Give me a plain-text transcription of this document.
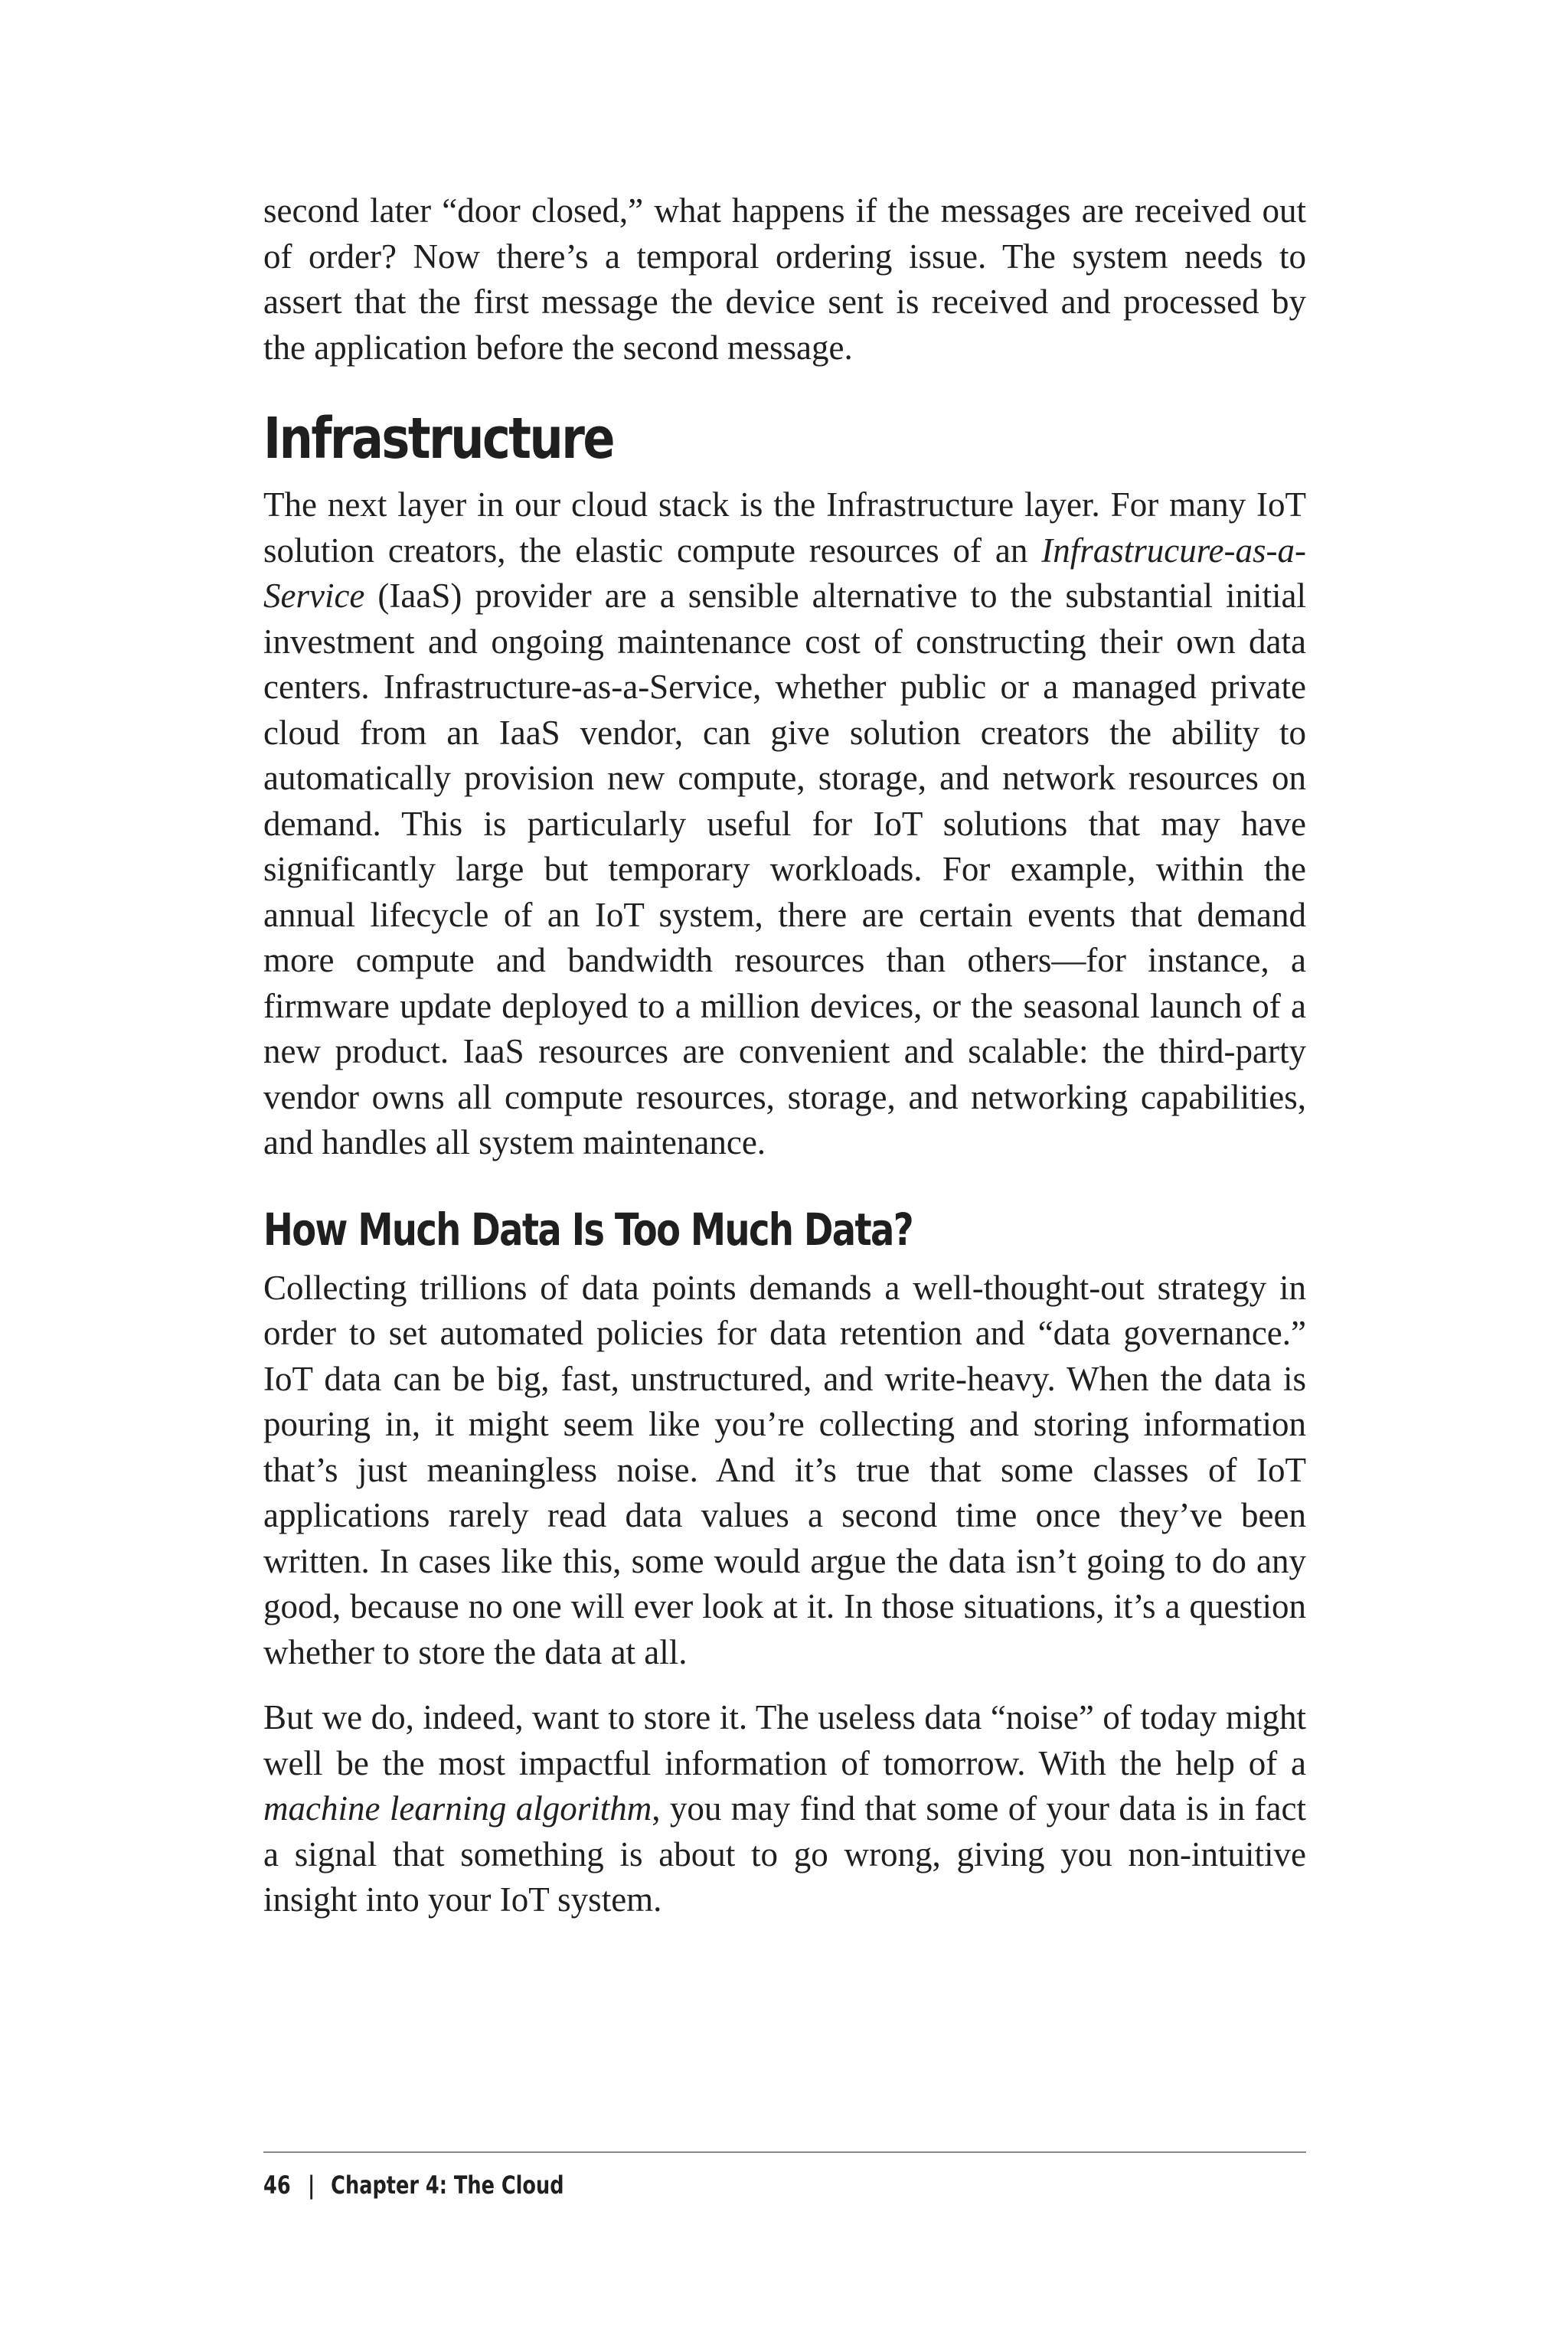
second later “door closed,” what happens if the messages are received out of order? Now there’s a temporal ordering issue. The system needs to assert that the first message the device sent is received and processed by the application before the second message.

Infrastructure

The next layer in our cloud stack is the Infrastructure layer. For many IoT solution creators, the elastic compute resources of an Infrastrucure-as-a-Service (IaaS) provider are a sensible alternative to the substantial initial investment and ongoing maintenance cost of constructing their own data centers. Infrastructure-as-a-Service, whether public or a managed private cloud from an IaaS vendor, can give solution creators the ability to automatically provision new compute, storage, and network resources on demand. This is particularly useful for IoT solutions that may have significantly large but temporary workloads. For example, within the annual lifecycle of an IoT system, there are certain events that demand more compute and bandwidth resources than others—for instance, a firmware update deployed to a million devices, or the seasonal launch of a new product. IaaS resources are convenient and scalable: the third-party vendor owns all compute resources, storage, and networking capabilities, and handles all system maintenance.

How Much Data Is Too Much Data?

Collecting trillions of data points demands a well-thought-out strategy in order to set automated policies for data retention and “data governance.” IoT data can be big, fast, unstructured, and write-heavy. When the data is pouring in, it might seem like you’re collecting and storing information that’s just meaningless noise. And it’s true that some classes of IoT applications rarely read data values a second time once they’ve been written. In cases like this, some would argue the data isn’t going to do any good, because no one will ever look at it. In those situations, it’s a question whether to store the data at all.

But we do, indeed, want to store it. The useless data “noise” of today might well be the most impactful information of tomorrow. With the help of a machine learning algorithm, you may find that some of your data is in fact a signal that something is about to go wrong, giving you non-intuitive insight into your IoT system.

46 | Chapter 4: The Cloud
